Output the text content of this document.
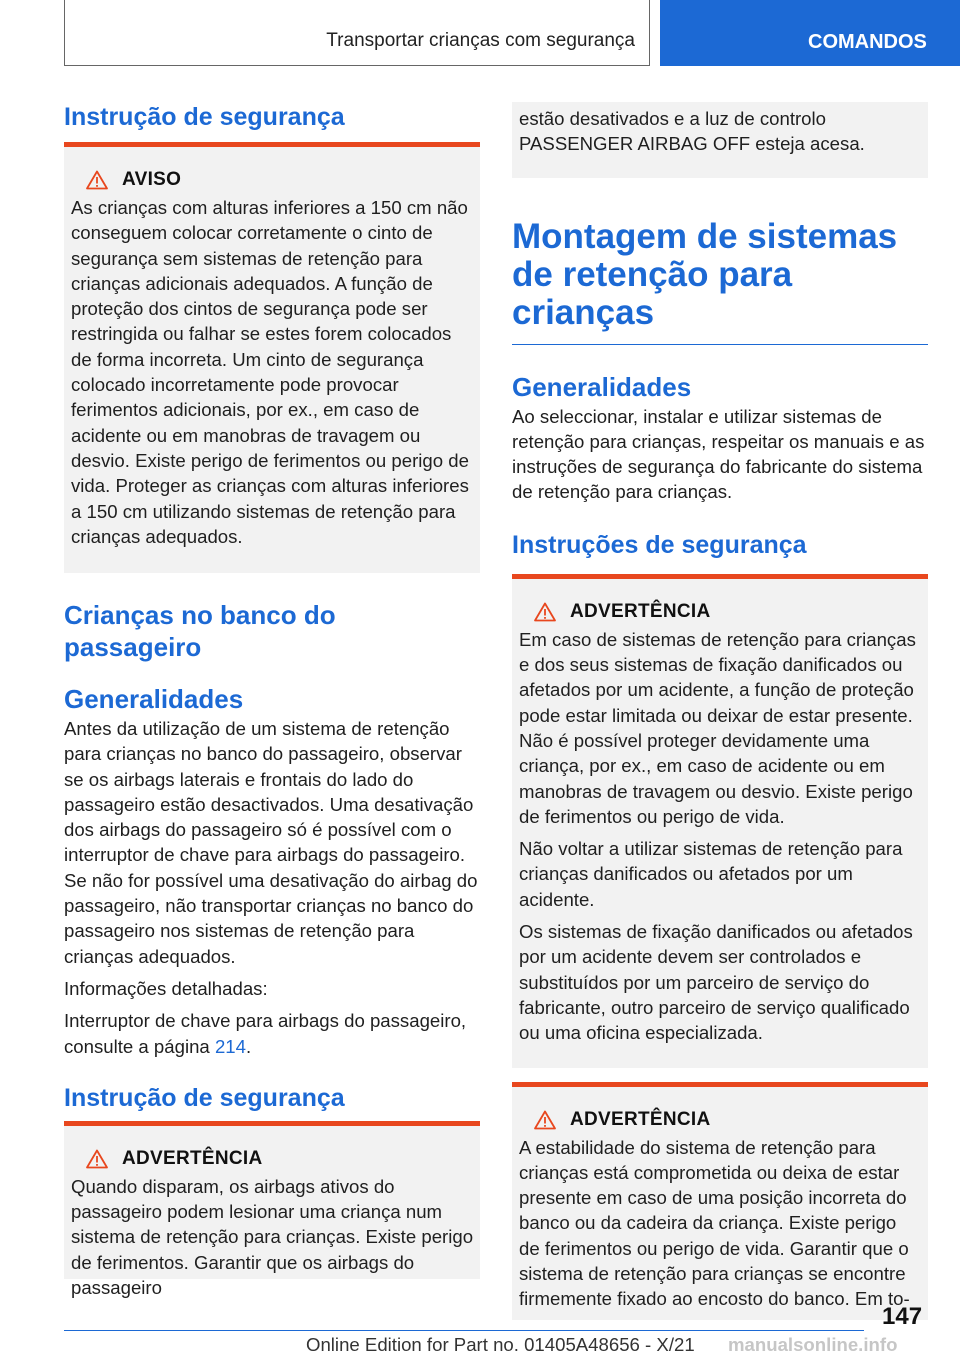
Transportar crianças com segurança	COMANDOS
Instrução de segurança
AVISO

As crianças com alturas inferiores a 150 cm não conseguem colocar corretamente o cinto de segurança sem sistemas de retenção para crianças adicionais adequados. A função de proteção dos cintos de segurança pode ser restringida ou falhar se estes forem colocados de forma incorreta. Um cinto de segurança colocado incorretamente pode provocar ferimentos adicionais, por ex., em caso de acidente ou em manobras de travagem ou desvio. Existe perigo de ferimentos ou perigo de vida. Proteger as crianças com alturas inferiores a 150 cm utilizando sistemas de retenção para crianças adequados.

Crianças no banco do passageiro
Generalidades

Antes da utilização de um sistema de retenção para crianças no banco do passageiro, observar se os airbags laterais e frontais do lado do passageiro estão desactivados. Uma desativação dos airbags do passageiro só é possível com o interruptor de chave para airbags do passageiro. Se não for possível uma desativação do airbag do passageiro, não transportar crianças no banco do passageiro nos sistemas de retenção para crianças adequados.

Informações detalhadas:

Interruptor de chave para airbags do passageiro, consulte a página 214.

Instrução de segurança
ADVERTÊNCIA

Quando disparam, os airbags ativos do passageiro podem lesionar uma criança num sistema de retenção para crianças. Existe perigo de ferimentos. Garantir que os airbags do passageiro

estão desativados e a luz de controlo PASSENGER AIRBAG OFF esteja acesa.

Montagem de sistemas de retenção para crianças
Generalidades

Ao seleccionar, instalar e utilizar sistemas de retenção para crianças, respeitar os manuais e as instruções de segurança do fabricante do sistema de retenção para crianças.

Instruções de segurança
ADVERTÊNCIA

Em caso de sistemas de retenção para crianças e dos seus sistemas de fixação danificados ou afetados por um acidente, a função de proteção pode estar limitada ou deixar de estar presente. Não é possível proteger devidamente uma criança, por ex., em caso de acidente ou em manobras de travagem ou desvio. Existe perigo de ferimentos ou perigo de vida.

Não voltar a utilizar sistemas de retenção para crianças danificados ou afetados por um acidente.

Os sistemas de fixação danificados ou afetados por um acidente devem ser controlados e substituídos por um parceiro de serviço do fabricante, outro parceiro de serviço qualificado ou uma oficina especializada.

ADVERTÊNCIA

A estabilidade do sistema de retenção para crianças está comprometida ou deixa de estar presente em caso de uma posição incorreta do banco ou da cadeira da criança. Existe perigo de ferimentos ou perigo de vida. Garantir que o sistema de retenção para crianças se encontre firmemente fixado ao encosto do banco. Em to-

147
Online Edition for Part no. 01405A48656 - X/21 manualsonline.info
